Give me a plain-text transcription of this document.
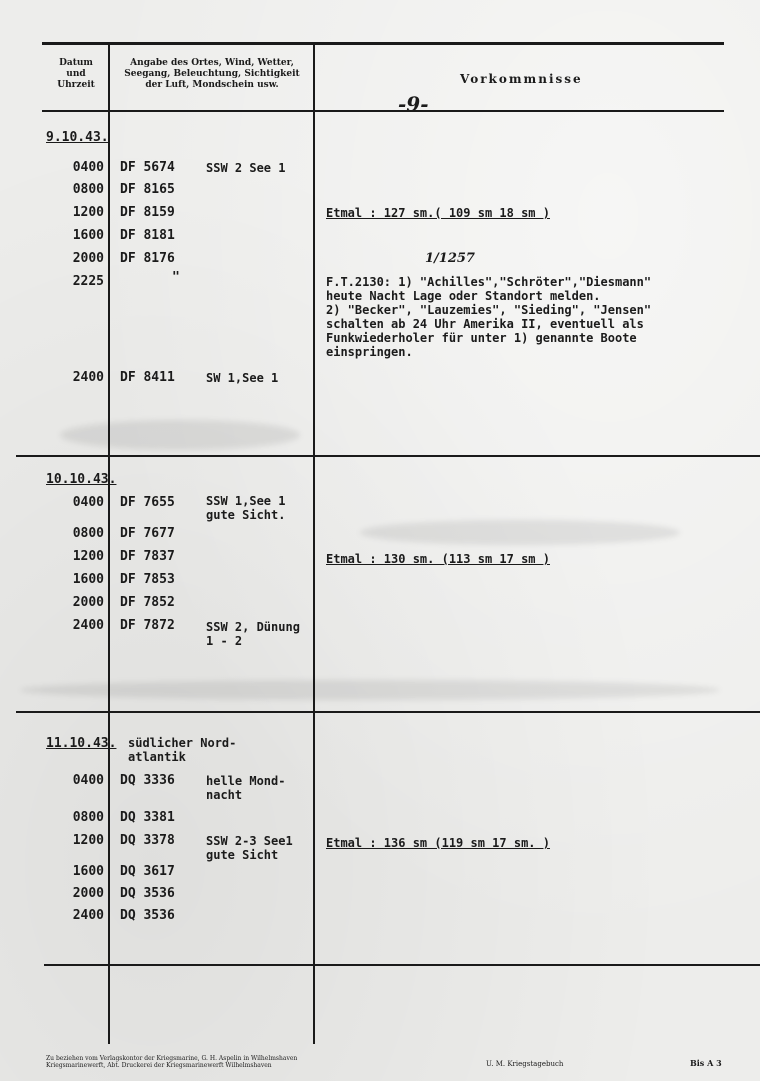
Datum
und
Uhrzeit
Angabe des Ortes, Wind, Wetter,
Seegang, Beleuchtung, Sichtigkeit
der Luft, Mondschein usw.	Vorkommnisse
-9-
9.10.43.
0400 DF 5674	SSW 2 See 1
0800 DF 8165
1200 DF 8159
1600 DF 8181
2000 DF 8176
2225	"
2400 DF 8411	SW 1,See 1
Etmal : 127 sm.( 109 sm 18 sm )
1/1257
F.T.2130: 1) "Achilles","Schröter","Diesmann"
heute Nacht Lage oder Standort melden.
2) "Becker", "Lauzemies", "Sieding", "Jensen"
schalten ab 24 Uhr Amerika II, eventuell als
Funkwiederholer für unter 1) genannte Boote
einspringen.
10.10.43.
0400 DF 7655	SSW 1,See 1
gute Sicht.
0800 DF 7677
1200 DF 7837
1600 DF 7853
2000 DF 7852
2400 DF 7872	SSW 2, Dünung
1 - 2
Etmal : 130 sm. (113 sm 17 sm )
11.10.43. südlicher Nord-
atlantik
0400 DQ 3336	helle Mond-
nacht
0800 DQ 3381
1200 DQ 3378	SSW 2-3 See1
gute Sicht
1600 DQ 3617
2000 DQ 3536
2400 DQ 3536
Etmal : 136 sm (119 sm 17 sm. )
Zu beziehen vom Verlagskontor der Kriegsmarine, G. H. Aspelin in Wilhelmshaven
Kriegsmarinewerft, Abt. Druckerei der Kriegsmarinewerft Wilhelmshaven	U. M. Kriegstagebuch	Bis A 3
